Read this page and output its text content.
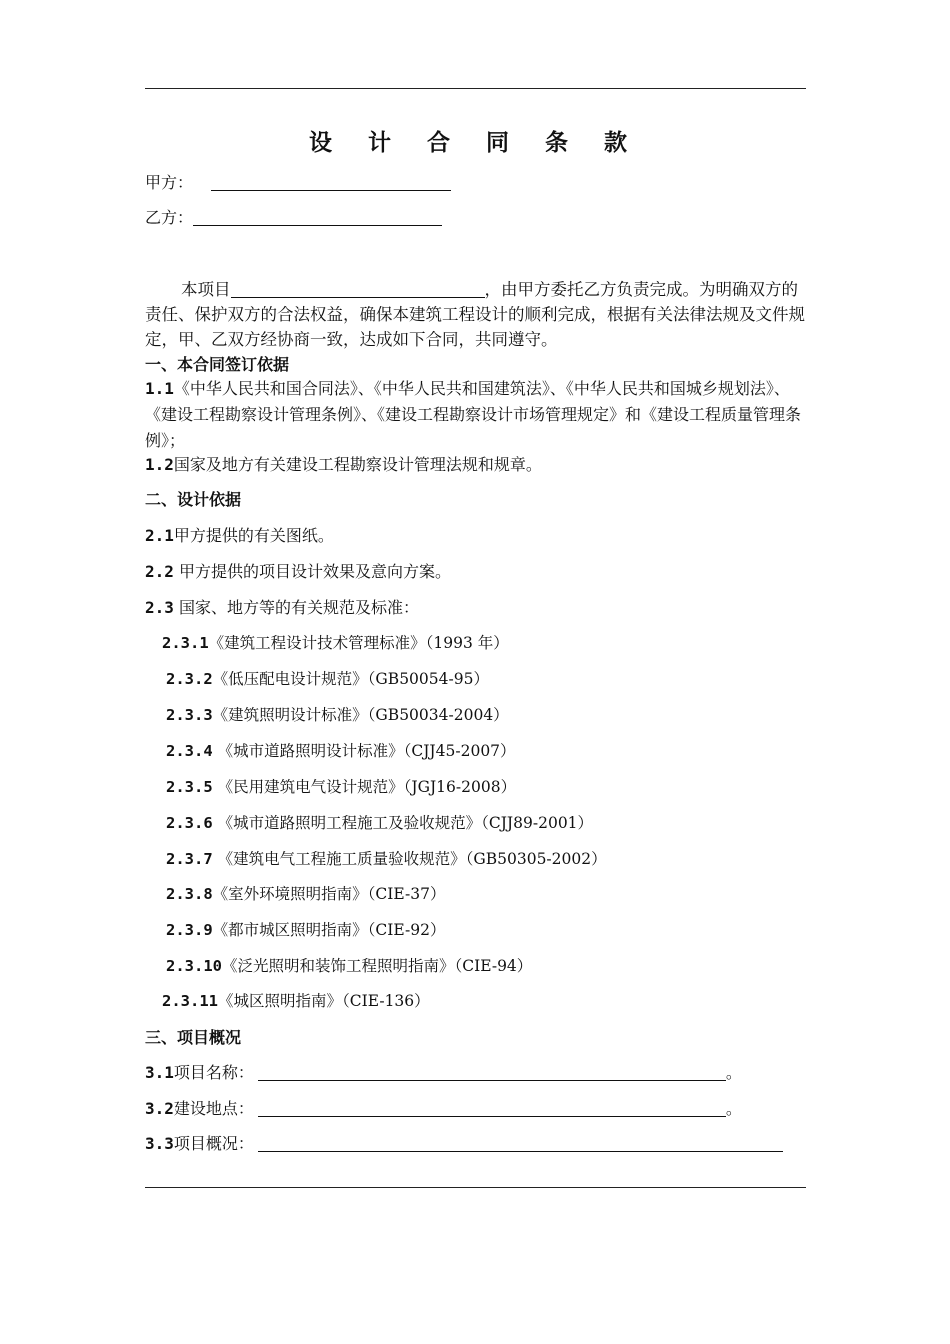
设 计 合 同 条 款
甲方：
乙方：
本项目	，由甲方委托乙方负责完成。为明确双方的责任、保护双方的合法权益，确保本建筑工程设计的顺利完成，根据有关法律法规及文件规定，甲、乙双方经协商一致，达成如下合同，共同遵守。
一、本合同签订依据
1.1《中华人民共和国合同法》、《中华人民共和国建筑法》、《中华人民共和国城乡规划法》、《建设工程勘察设计管理条例》、《建设工程勘察设计市场管理规定》和《建设工程质量管理条例》；
1.2国家及地方有关建设工程勘察设计管理法规和规章。
二、设计依据
2.1甲方提供的有关图纸。
2.2 甲方提供的项目设计效果及意向方案。
2.3 国家、地方等的有关规范及标准：
2.3.1《建筑工程设计技术管理标准》（1993 年）
2.3.2《低压配电设计规范》（GB50054-95）
2.3.3《建筑照明设计标准》（GB50034-2004）
2.3.4 《城市道路照明设计标准》（CJJ45-2007）
2.3.5 《民用建筑电气设计规范》（JGJ16-2008）
2.3.6 《城市道路照明工程施工及验收规范》（CJJ89-2001）
2.3.7 《建筑电气工程施工质量验收规范》（GB50305-2002）
2.3.8《室外环境照明指南》（CIE-37）
2.3.9《都市城区照明指南》（CIE-92）
2.3.10《泛光照明和装饰工程照明指南》（CIE-94）
2.3.11《城区照明指南》（CIE-136）
三、项目概况
3.1项目名称：	。
3.2建设地点：	。
3.3项目概况：
